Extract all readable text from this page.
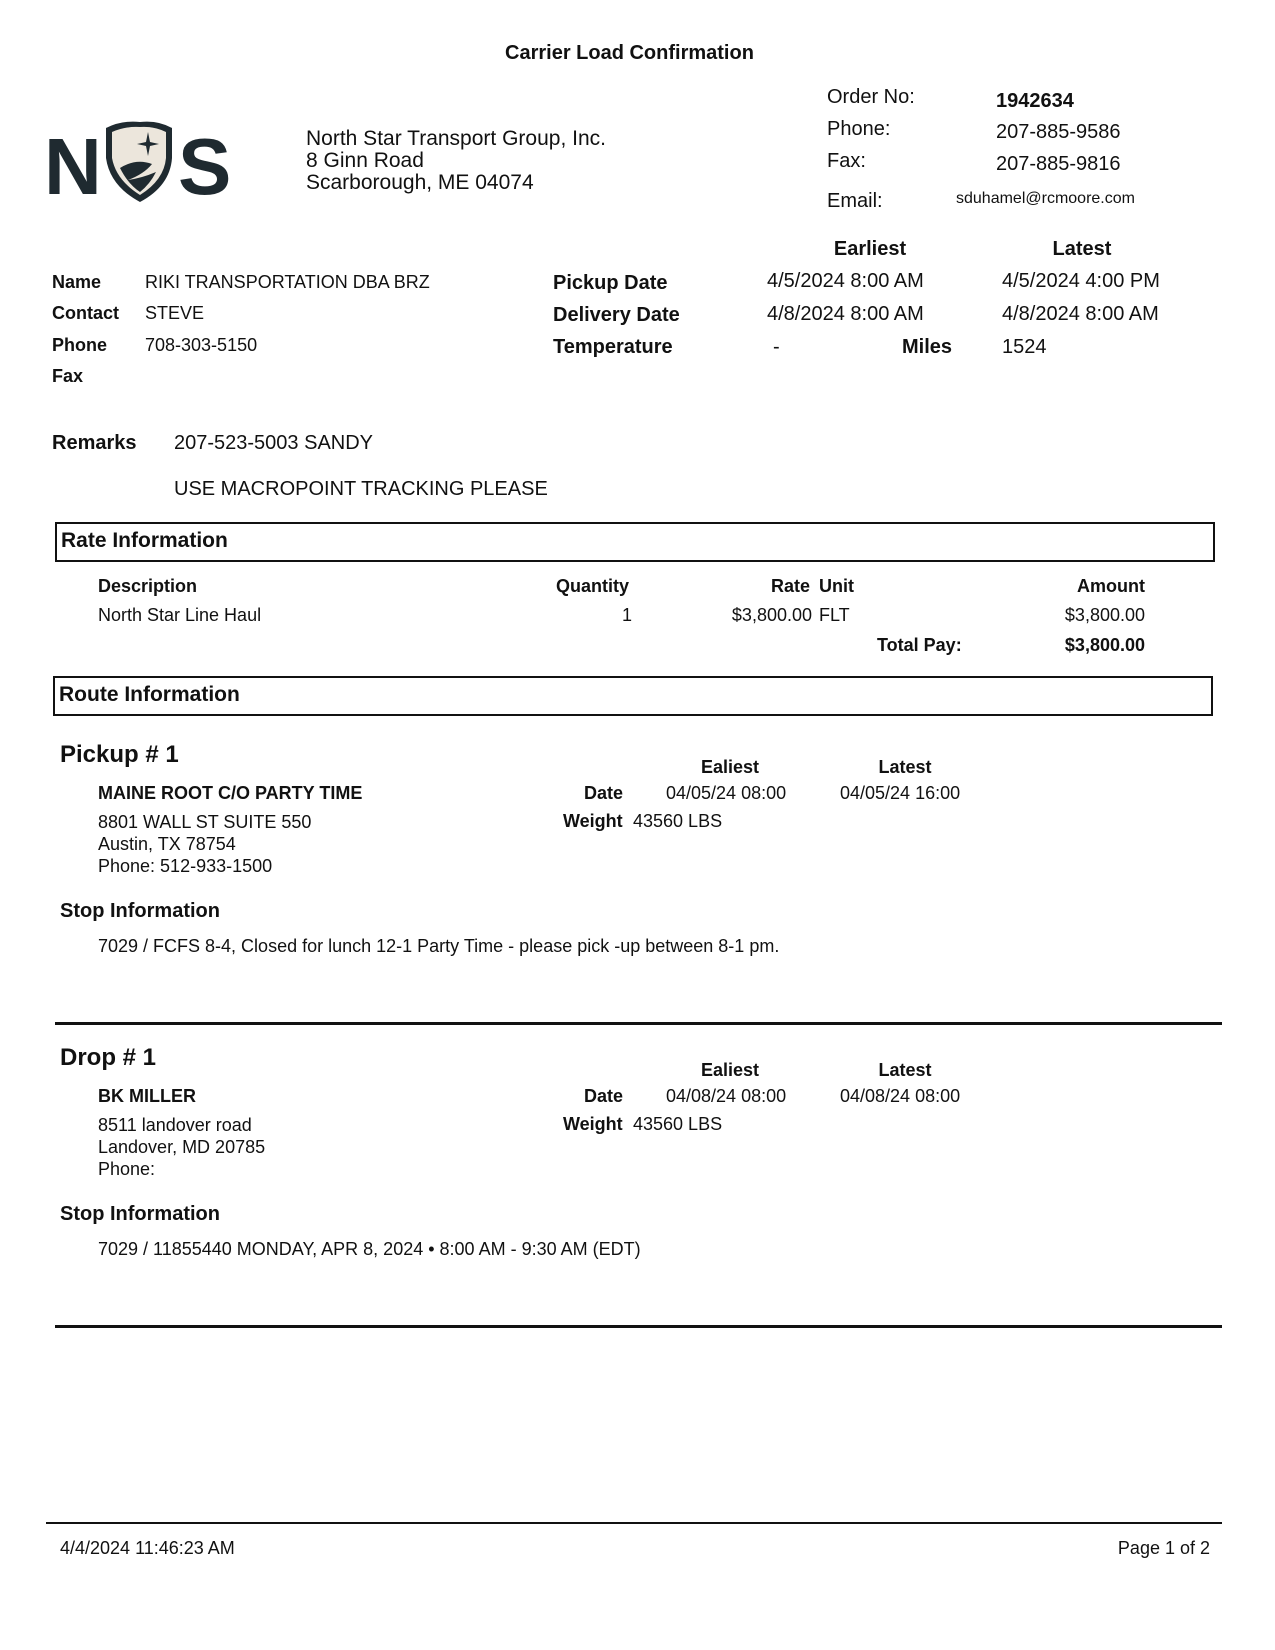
Carrier Load Confirmation
N S	North Star Transport Group, Inc.
8 Ginn Road
Scarborough, ME 04074
Order No:	1942634
Phone:	207-885-9586
Fax:	207-885-9816
Email:	sduhamel@rcmoore.com
Earliest	Latest
Name RIKI TRANSPORTATION DBA BRZ
Contact STEVE
Phone 708-303-5150
Fax
Pickup Date	4/5/2024 8:00 AM	4/5/2024 4:00 PM
Delivery Date	4/8/2024 8:00 AM	4/8/2024 8:00 AM
Temperature	-	Miles 1524
Remarks 207-523-5003 SANDY
USE MACROPOINT TRACKING PLEASE
Rate Information
Description	Quantity	Rate Unit	Amount
North Star Line Haul	1	$3,800.00 FLT	$3,800.00
Total Pay:	$3,800.00
Route Information
Pickup # 1	Ealiest	Latest
MAINE ROOT C/O PARTY TIME	Date 04/05/24 08:00	04/05/24 16:00
8801 WALL ST SUITE 550
Austin, TX 78754
Phone: 512-933-1500
Weight 43560 LBS
Stop Information
7029 / FCFS 8-4, Closed for lunch 12-1 Party Time - please pick -up between 8-1 pm.
Drop # 1	Ealiest	Latest
BK MILLER	Date 04/08/24 08:00	04/08/24 08:00
8511 landover road
Landover, MD 20785
Phone:
Weight 43560 LBS
Stop Information
7029 / 11855440 MONDAY, APR 8, 2024 • 8:00 AM - 9:30 AM (EDT)
4/4/2024 11:46:23 AM	Page 1 of 2
